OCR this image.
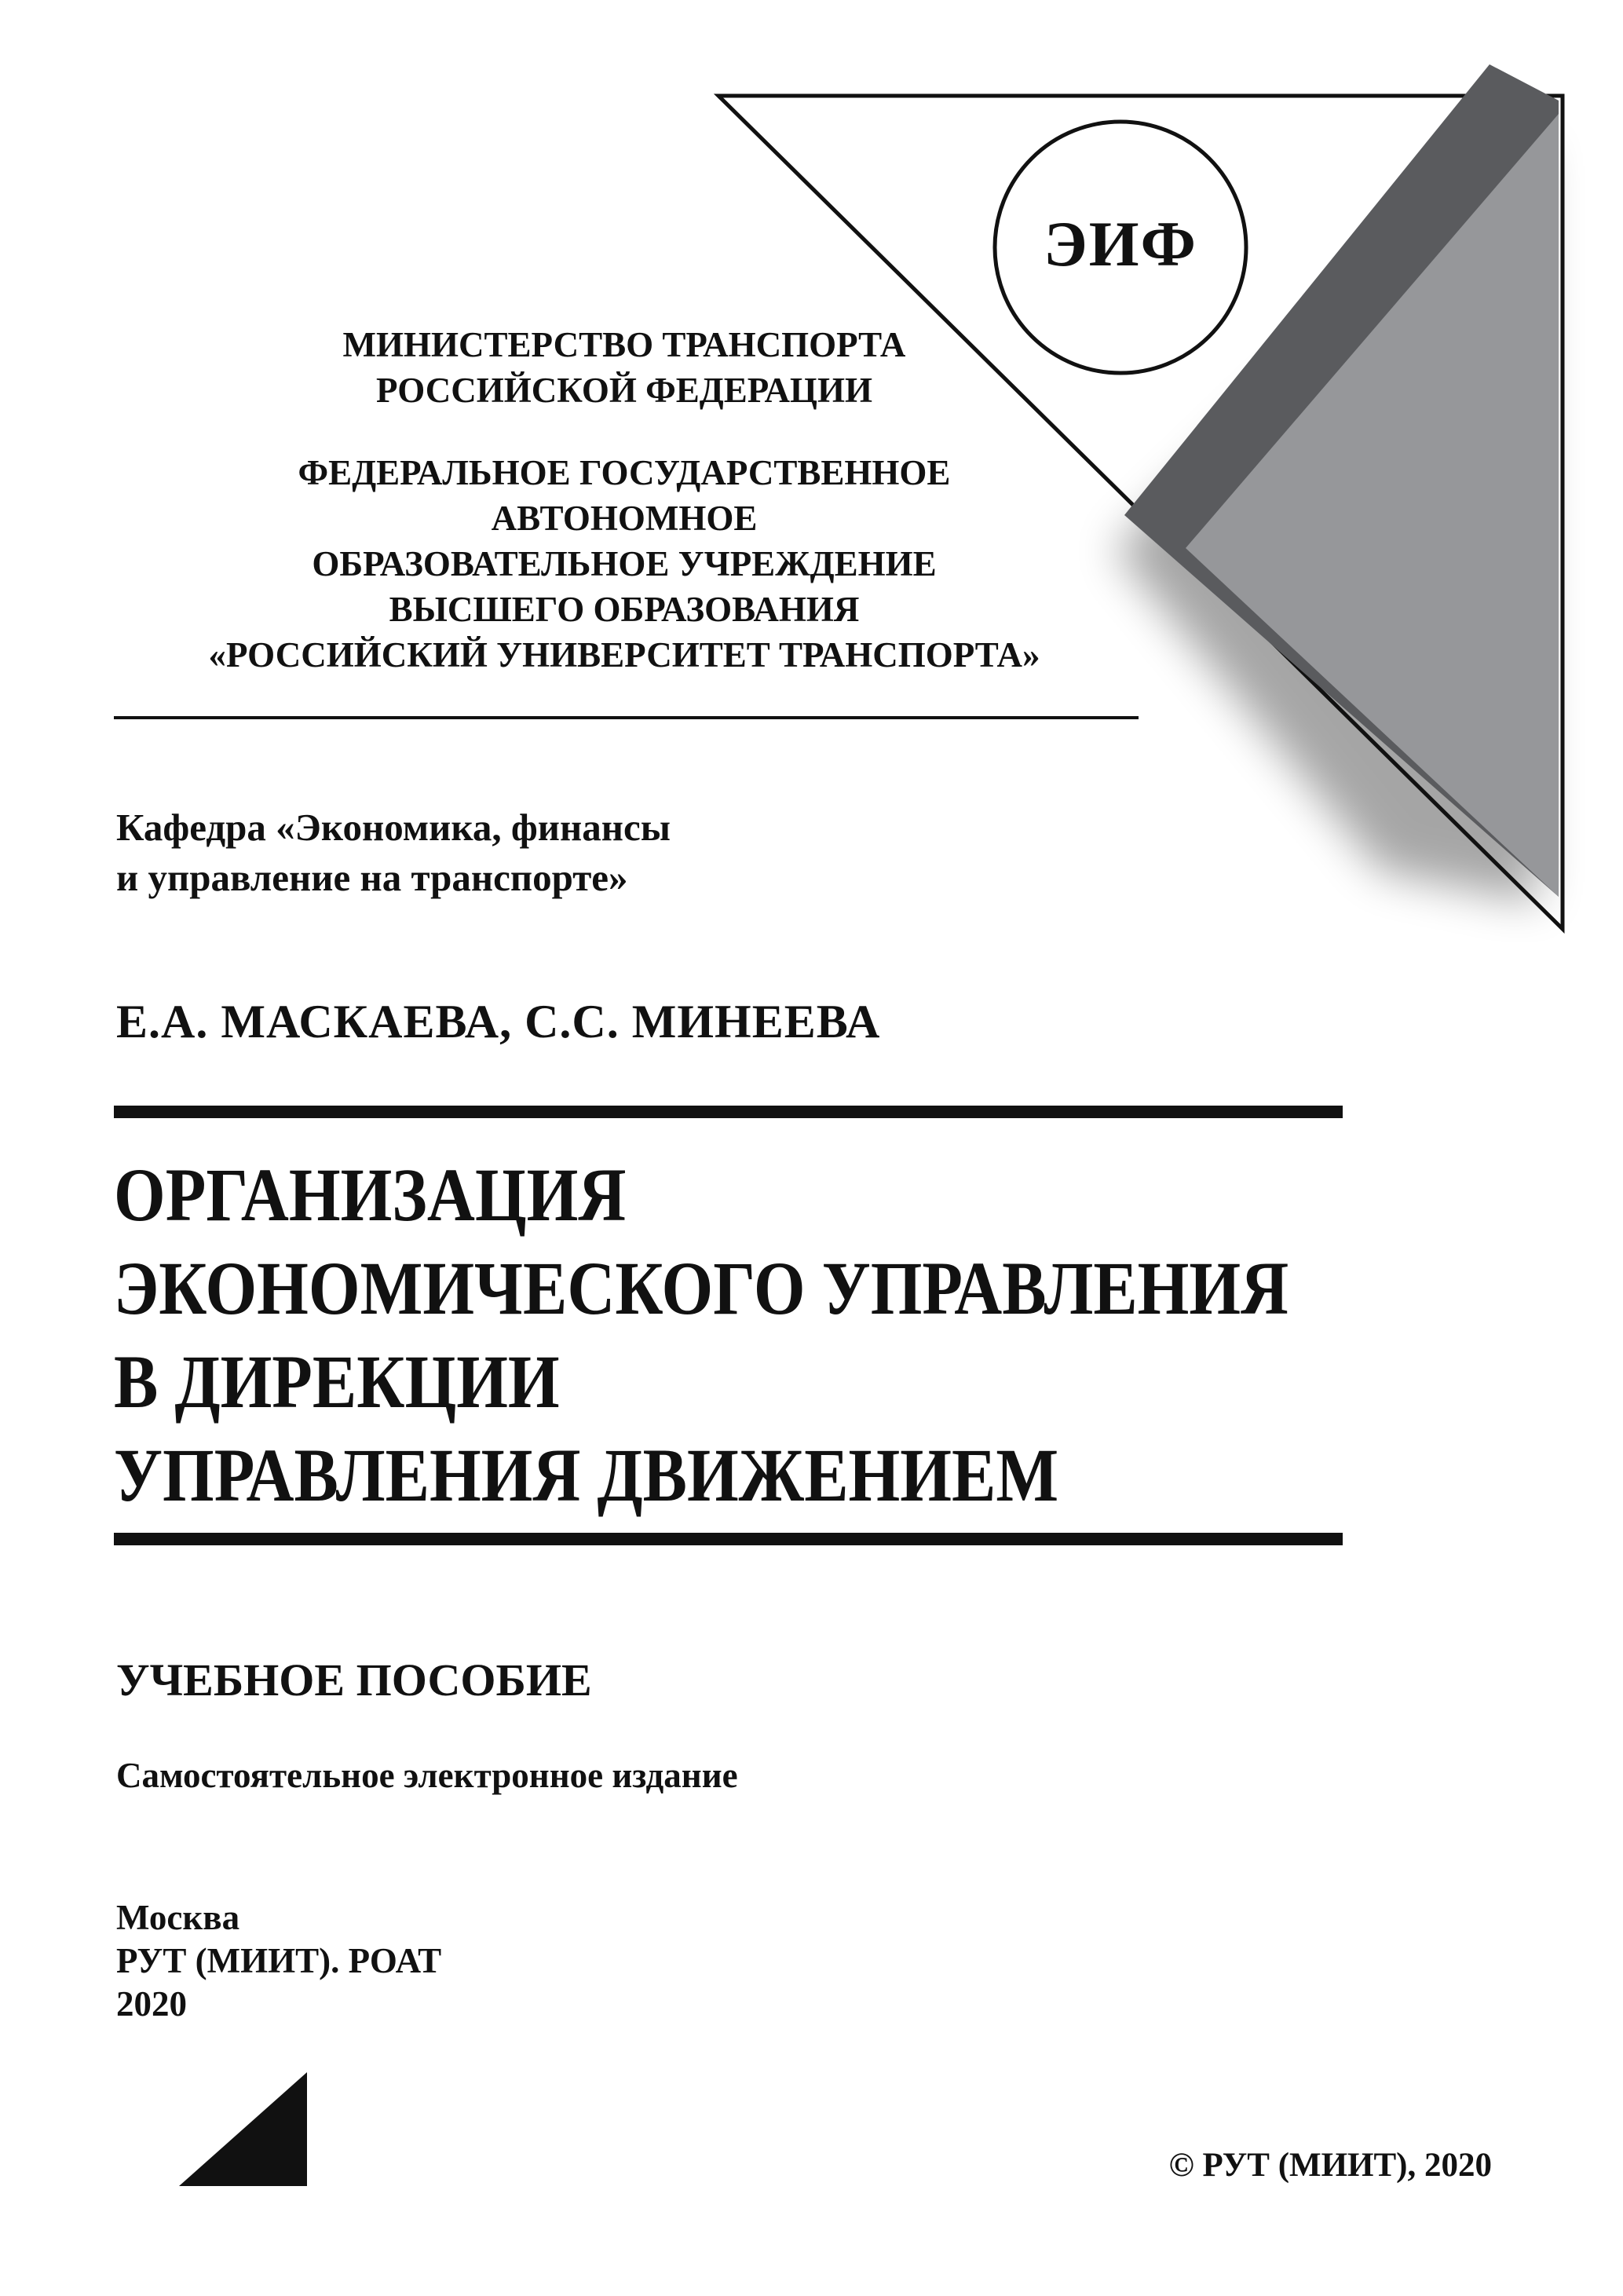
ЭИФ
МИНИСТЕРСТВО ТРАНСПОРТА
РОССИЙСКОЙ ФЕДЕРАЦИИ
ФЕДЕРАЛЬНОЕ ГОСУДАРСТВЕННОЕ
АВТОНОМНОЕ
ОБРАЗОВАТЕЛЬНОЕ УЧРЕЖДЕНИЕ
ВЫСШЕГО ОБРАЗОВАНИЯ
«РОССИЙСКИЙ УНИВЕРСИТЕТ ТРАНСПОРТА»
Кафедра «Экономика, финансы
и управление на транспорте»
Е.А. МАСКАЕВА, С.С. МИНЕЕВА
ОРГАНИЗАЦИЯ
ЭКОНОМИЧЕСКОГО УПРАВЛЕНИЯ
В ДИРЕКЦИИ
УПРАВЛЕНИЯ ДВИЖЕНИЕМ
УЧЕБНОЕ ПОСОБИЕ
Самостоятельное электронное издание
Москва
РУТ (МИИТ). РОАТ
2020
© РУТ (МИИТ), 2020
